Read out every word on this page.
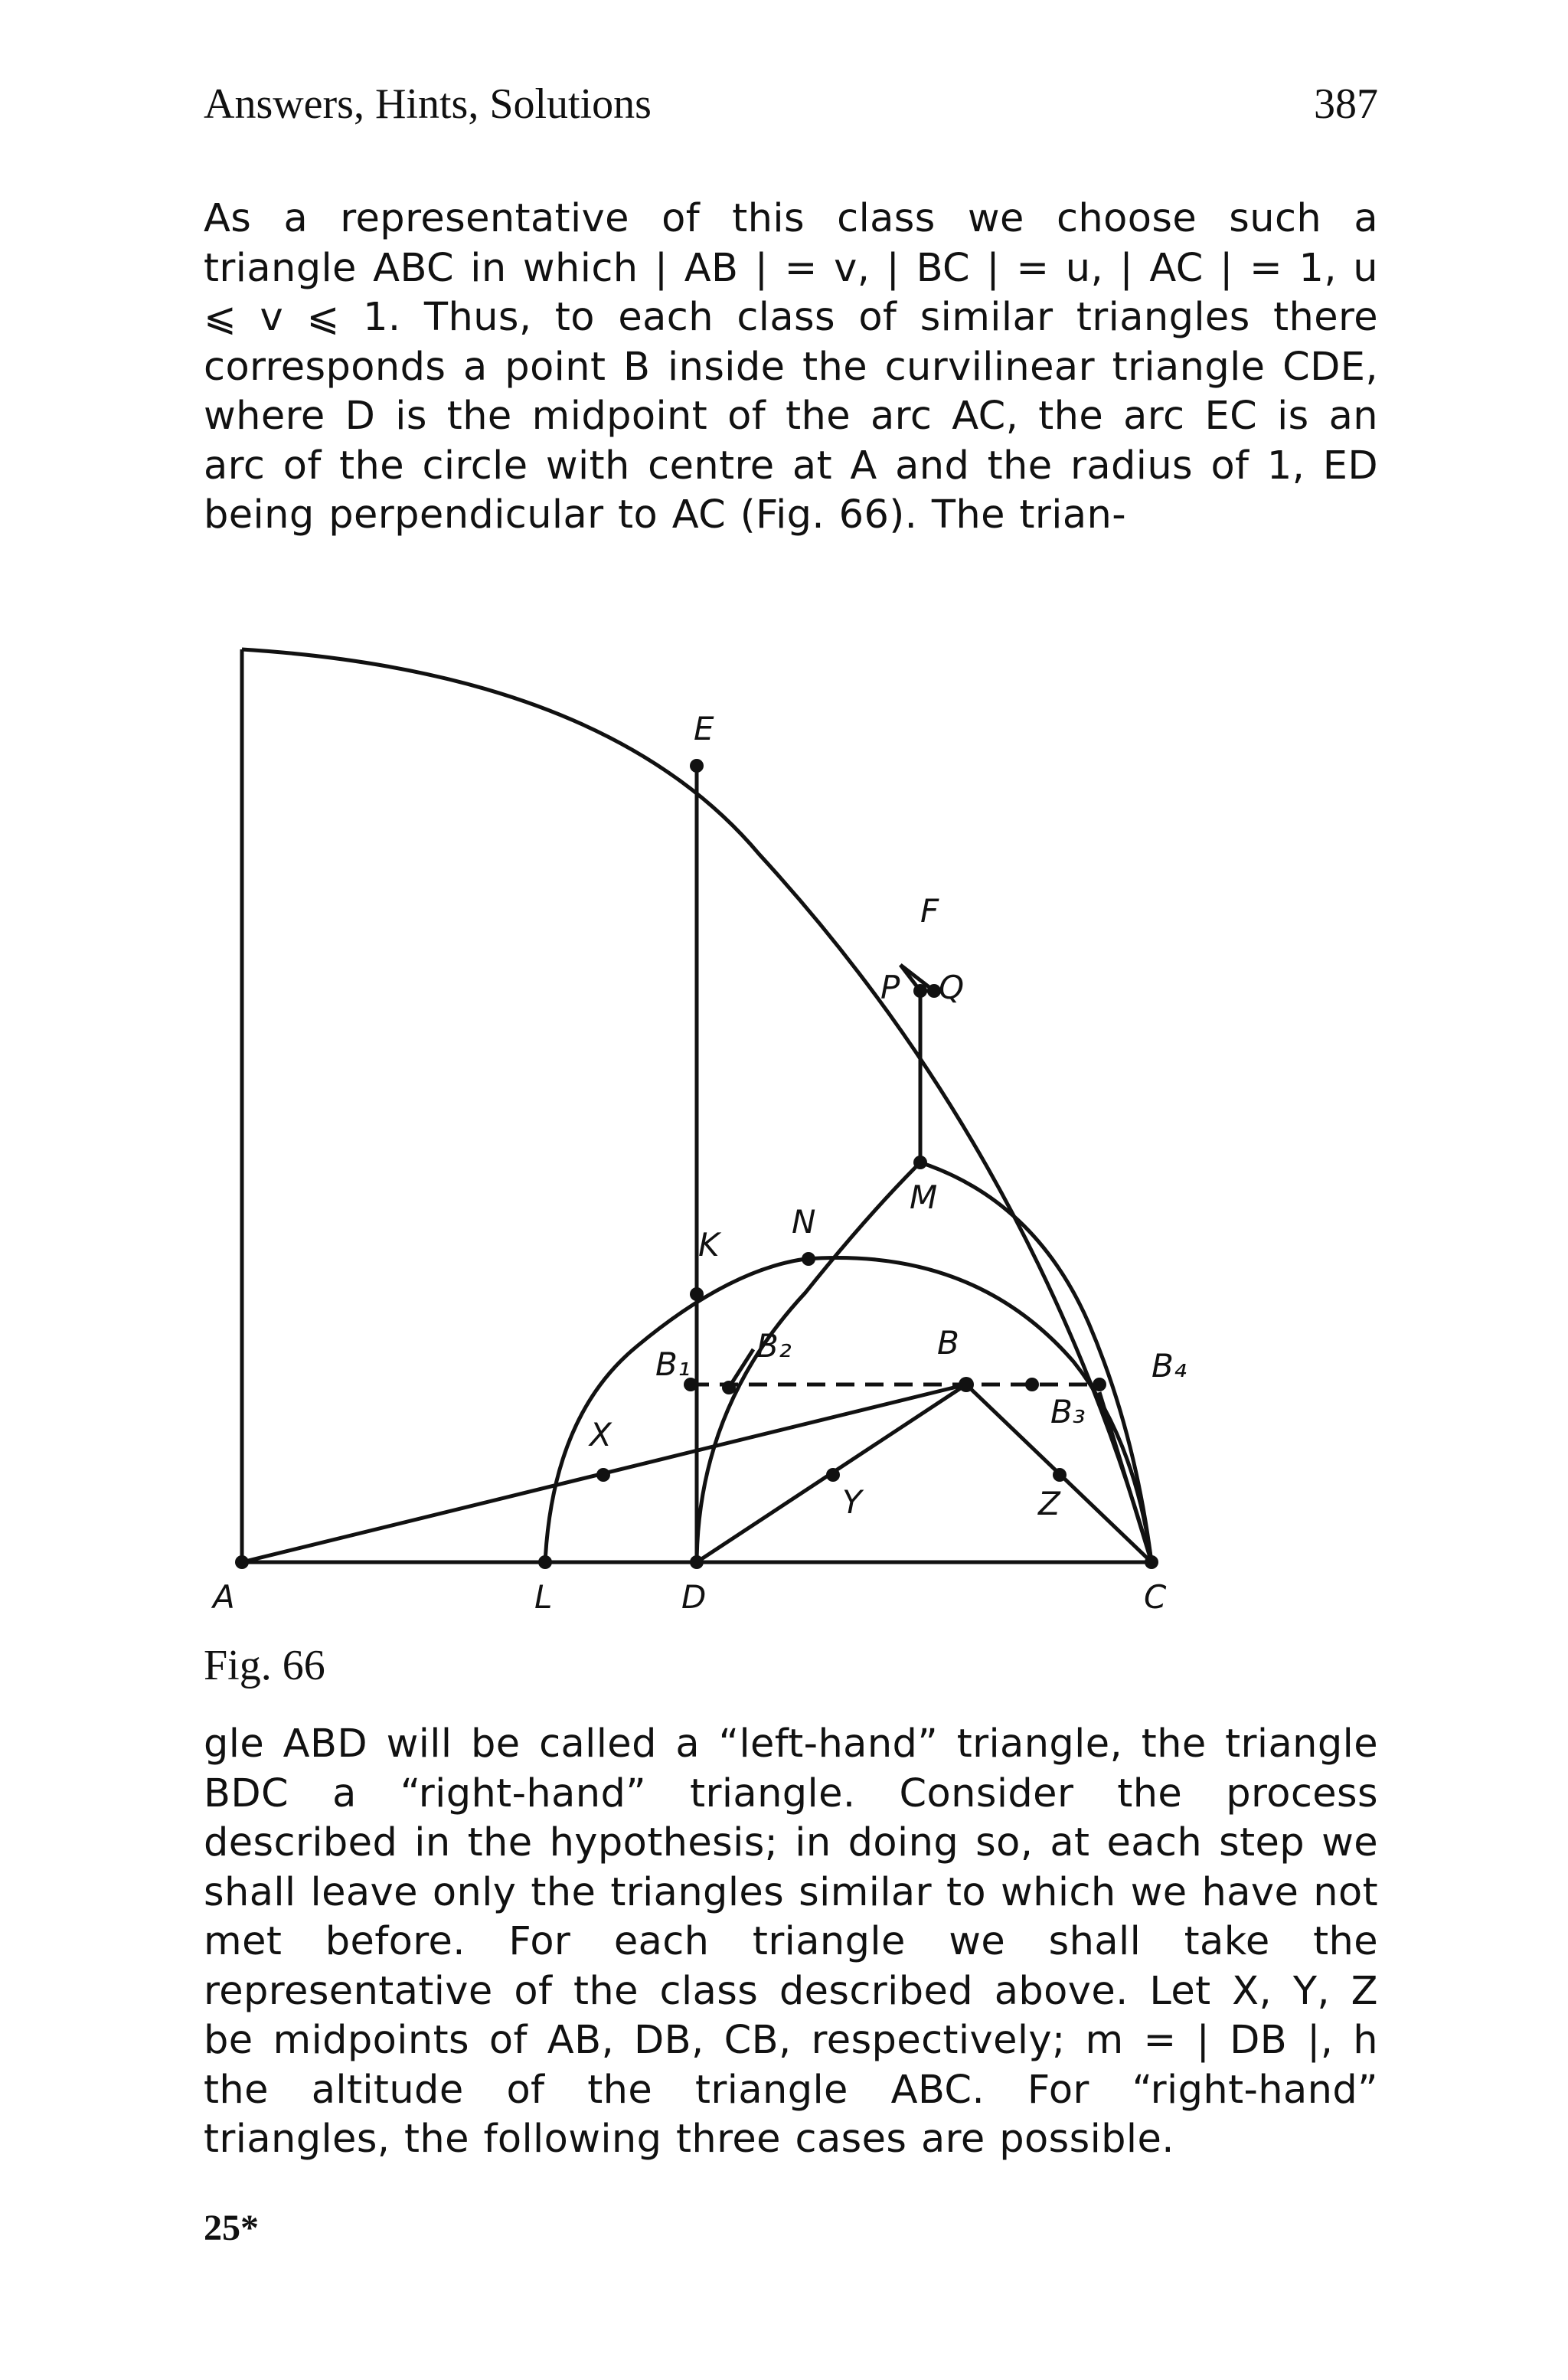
Answers, Hints, Solutions	387
As a representative of this class we choose such a triangle ABC in which | AB | = v, | BC | = u, | AC | = 1, u ⩽ v ⩽ 1. Thus, to each class of similar triangles there corresponds a point B inside the curvilinear triangle CDE, where D is the midpoint of the arc AC, the arc EC is an arc of the circle with centre at A and the radius of 1, ED being perpendicular to AC (Fig. 66). The trian-
A	L	D	C
E
F
P Q
M
N
K
B
B₁ B₂
B₃
B₄
X
Y	Z
Fig. 66
gle ABD will be called a “left-hand” triangle, the triangle BDC a “right-hand” triangle. Consider the process described in the hypothesis; in doing so, at each step we shall leave only the triangles similar to which we have not met before. For each triangle we shall take the representative of the class described above. Let X, Y, Z be midpoints of AB, DB, CB, respectively; m = | DB |, h the altitude of the triangle ABC. For “right-hand” triangles, the following three cases are possible.
25*
